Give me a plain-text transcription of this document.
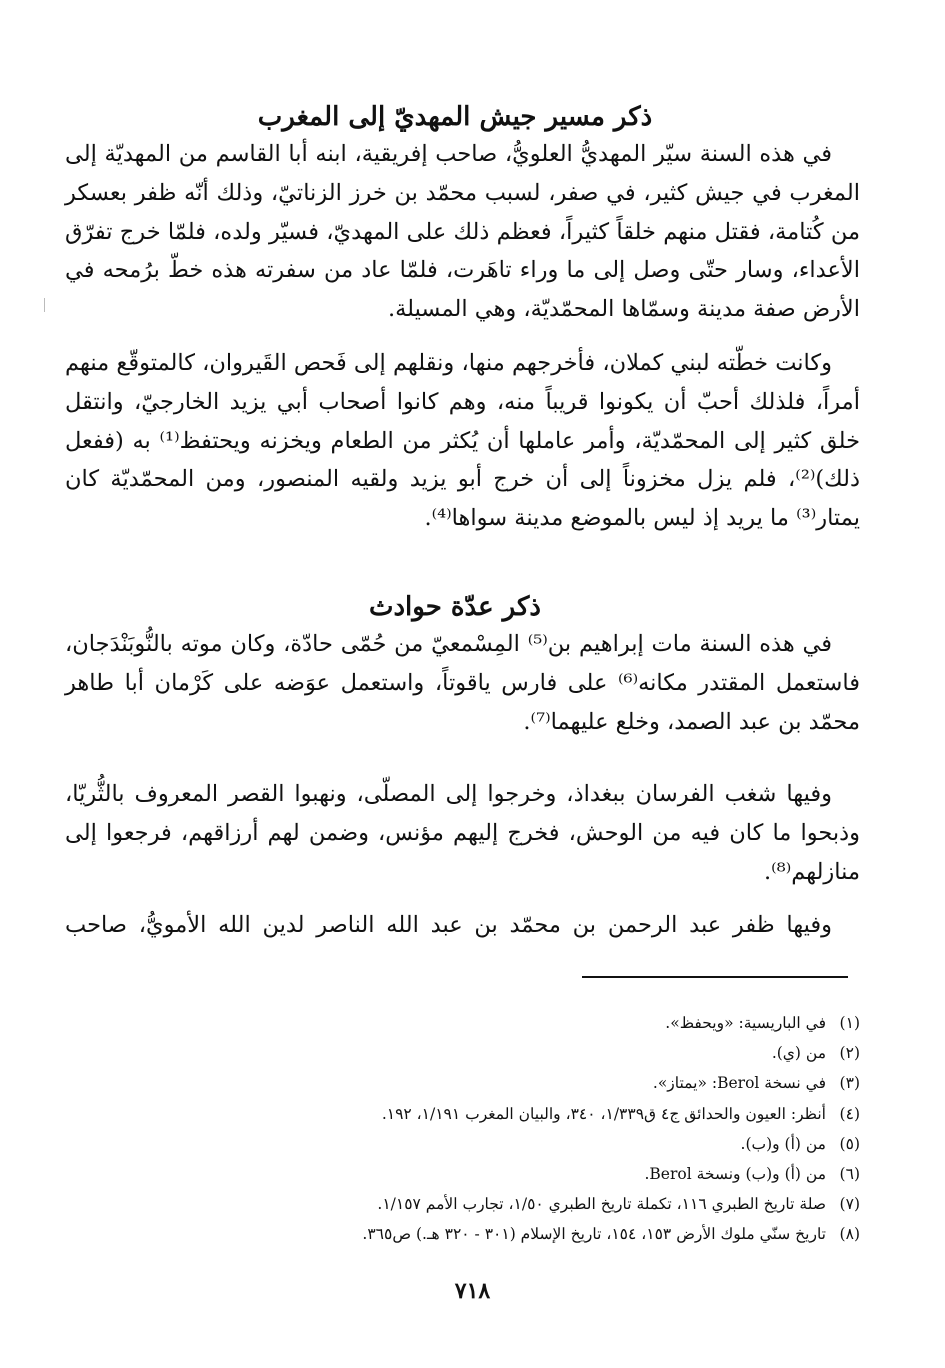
ذكر مسير جيش المهديّ إلى المغرب

في هذه السنة سيّر المهديُّ العلويُّ، صاحب إفريقية، ابنه أبا القاسم من المهديّة إلى المغرب في جيش كثير، في صفر، لسبب محمّد بن خرز الزناتيّ، وذلك أنّه ظفر بعسكر من كُتامة، فقتل منهم خلقاً كثيراً، فعظم ذلك على المهديّ، فسيّر ولده، فلمّا خرج تفرّق الأعداء، وسار حتّى وصل إلى ما وراء تاهَرت، فلمّا عاد من سفرته هذه خطّ برُمحه في الأرض صفة مدينة وسمّاها المحمّديّة، وهي المسيلة.

وكانت خطّته لبني كملان، فأخرجهم منها، ونقلهم إلى فَحص القَيروان، كالمتوقّع منهم أمراً، فلذلك أحبّ أن يكونوا قريباً منه، وهم كانوا أصحاب أبي يزيد الخارجيّ، وانتقل خلق كثير إلى المحمّديّة، وأمر عاملها أن يُكثر من الطعام ويخزنه ويحتفظ⁽¹⁾ به (ففعل ذلك)⁽²⁾، فلم يزل مخزوناً إلى أن خرج أبو يزيد ولقيه المنصور، ومن المحمّديّة كان يمتار⁽³⁾ ما يريد إذ ليس بالموضع مدينة سواها⁽⁴⁾.

ذكر عدّة حوادث

في هذه السنة مات إبراهيم بن⁽⁵⁾ المِسْمعيّ من حُمّى حادّة، وكان موته بالنُّوبَنْدَجان، فاستعمل المقتدر مكانه⁽⁶⁾ على فارس ياقوتاً، واستعمل عوَضه على كَرْمان أبا طاهر محمّد بن عبد الصمد، وخلع عليهما⁽⁷⁾.

وفيها شغب الفرسان ببغداذ، وخرجوا إلى المصلّى، ونهبوا القصر المعروف بالثُّريّا، وذبحوا ما كان فيه من الوحش، فخرج إليهم مؤنس، وضمن لهم أرزاقهم، فرجعوا إلى منازلهم⁽⁸⁾.

وفيها ظفر عبد الرحمن بن محمّد بن عبد الله الناصر لدين الله الأمويُّ، صاحب

(١)
في الباريسية: «ويحفظ».
(٢)
من (ي).
(٣)
في نسخة Berol: «يمتاز».
(٤)
أنظر: العيون والحدائق ج٤ ق١/٣٣٩، ٣٤٠، والبيان المغرب ١/١٩١، ١٩٢.
(٥)
من (أ) و(ب).
(٦)
من (أ) و(ب) ونسخة Berol.
(٧)
صلة تاريخ الطبري ١١٦، تكملة تاريخ الطبري ١/٥٠، تجارب الأمم ١/١٥٧.
(٨)
تاريخ سنّي ملوك الأرض ١٥٣، ١٥٤، تاريخ الإسلام (٣٠١ - ٣٢٠ هـ.) ص٣٦٥.
٧١٨
